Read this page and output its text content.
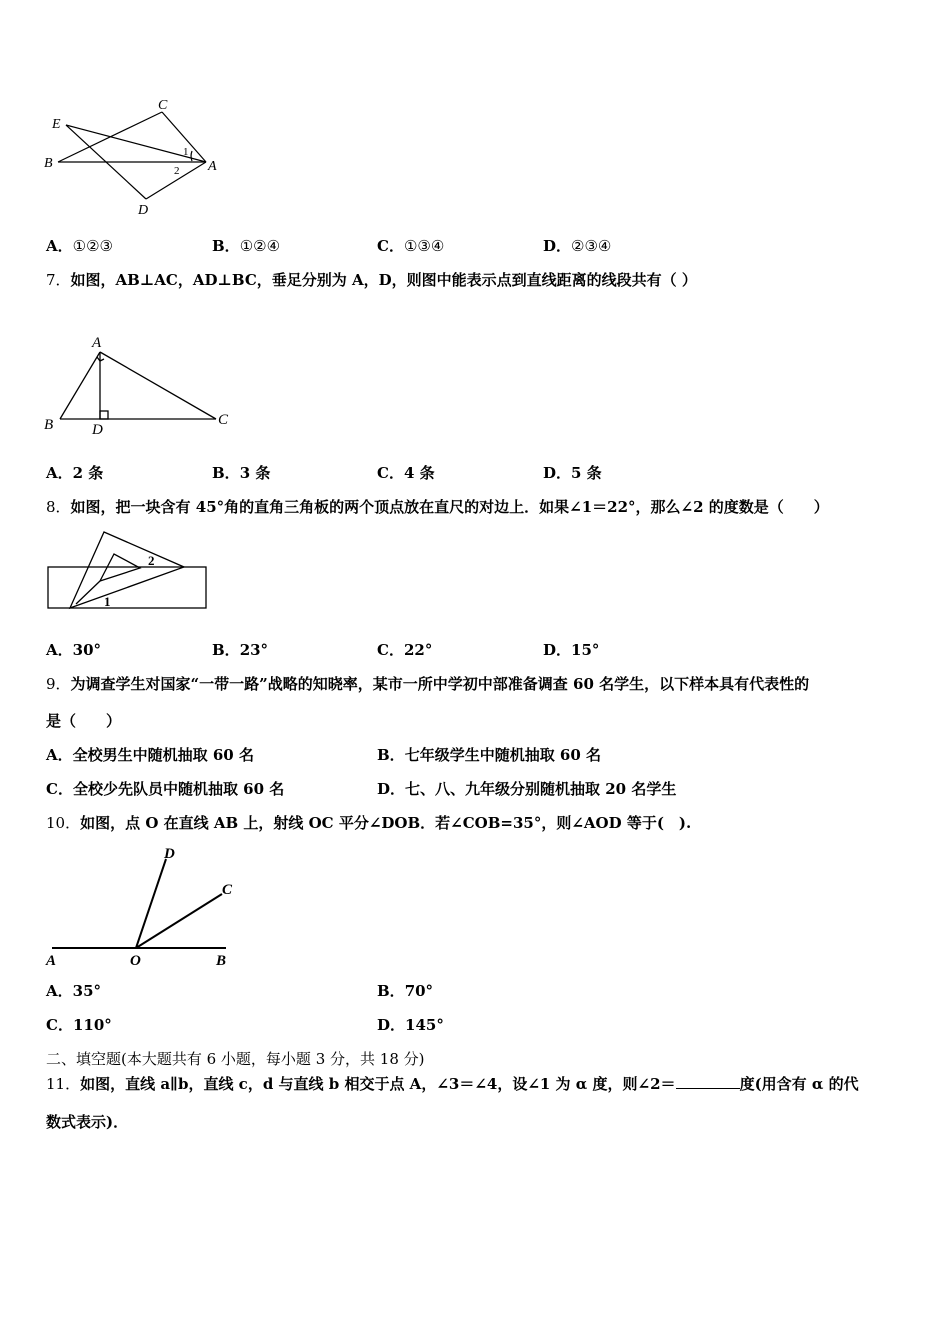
E
C
B	A
D
1
2
A．①②③	B．①②④	C．①③④	D．②③④
7．如图，AB⊥AC，AD⊥BC，垂足分别为 A，D，则图中能表示点到直线距离的线段共有（ ）
A
B	D
C
A．2 条	B．3 条	C．4 条	D．5 条
8．如图，把一块含有 45°角的直角三角板的两个顶点放在直尺的对边上．如果∠1＝22°，那么∠2 的度数是（　　）
1
2
A．30°	B．23°	C．22°	D．15°
9．为调查学生对国家“一带一路”战略的知晓率，某市一所中学初中部准备调查 60 名学生，以下样本具有代表性的
是（　　）
A．全校男生中随机抽取 60 名	B．七年级学生中随机抽取 60 名
C．全校少先队员中随机抽取 60 名	D．七、八、九年级分别随机抽取 20 名学生
10．如图，点 O 在直线 AB 上，射线 OC 平分∠DOB．若∠COB=35°，则∠AOD 等于(　).
D
C
A	O	B
A．35°	B．70°
C．110°	D．145°
二、填空题(本大题共有 6 小题，每小题 3 分，共 18 分)
11．如图，直线 a∥b，直线 c，d 与直线 b 相交于点 A，∠3＝∠4，设∠1 为 α 度，则∠2＝	度(用含有 α 的代
数式表示)．
